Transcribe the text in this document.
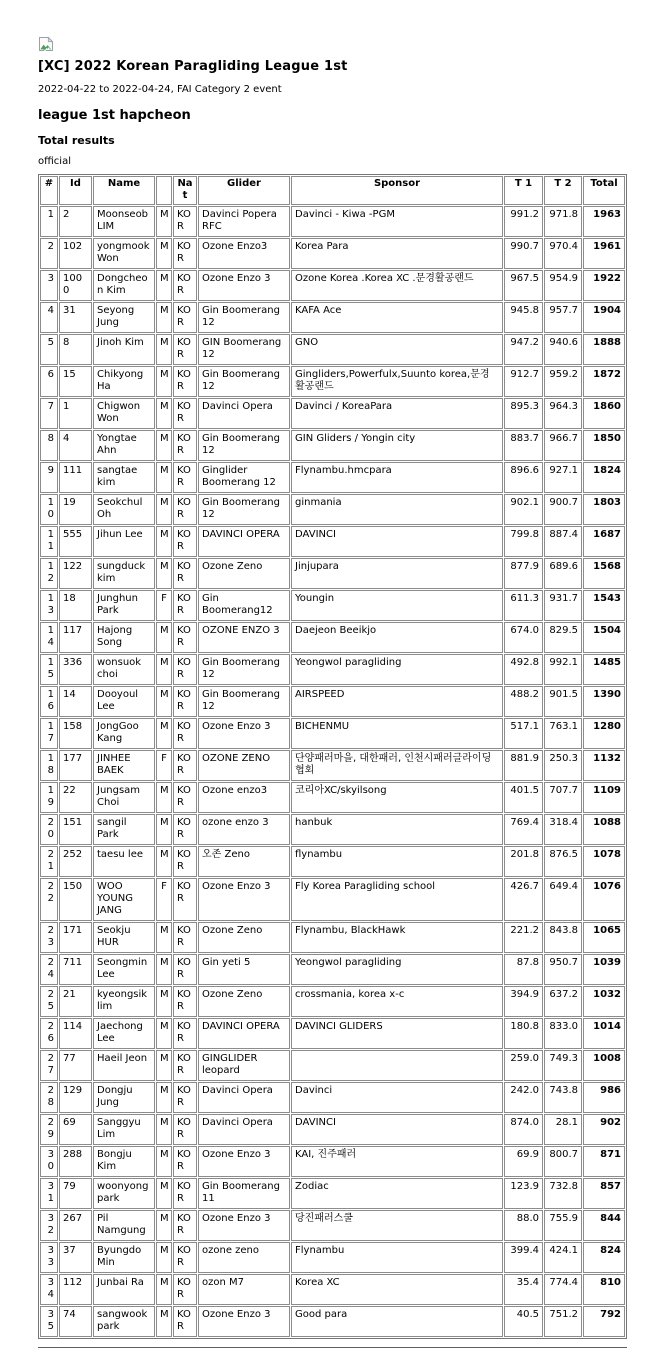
[XC] 2022 Korean Paragliding League 1st
2022-04-22 to 2022-04-24, FAI Category 2 event
league 1st hapcheon
Total results
official
#	Id	Name		Nat	Glider	Sponsor	T 1	T 2	Total
1	2	Moonseob LIM	M	KOR	Davinci Popera RFC	Davinci - Kiwa -PGM	991.2	971.8	1963
2	102	yongmook Won	M	KOR	Ozone Enzo3	Korea Para	990.7	970.4	1961
3	1000	Dongcheon Kim	M	KOR	Ozone Enzo 3	Ozone Korea .Korea XC .문경활공랜드	967.5	954.9	1922
4	31	Seyong Jung	M	KOR	Gin Boomerang 12	KAFA Ace	945.8	957.7	1904
5	8	Jinoh Kim	M	KOR	GIN Boomerang 12	GNO	947.2	940.6	1888
6	15	Chikyong Ha	M	KOR	Gin Boomerang 12	Gingliders,Powerfulx,Suunto korea,문경활공랜드	912.7	959.2	1872
7	1	Chigwon Won	M	KOR	Davinci Opera	Davinci / KoreaPara	895.3	964.3	1860
8	4	Yongtae Ahn	M	KOR	Gin Boomerang 12	GIN Gliders / Yongin city	883.7	966.7	1850
9	111	sangtae kim	M	KOR	Ginglider Boomerang 12	Flynambu.hmcpara	896.6	927.1	1824
10	19	Seokchul Oh	M	KOR	Gin Boomerang 12	ginmania	902.1	900.7	1803
11	555	Jihun Lee	M	KOR	DAVINCI OPERA	DAVINCI	799.8	887.4	1687
12	122	sungduck kim	M	KOR	Ozone Zeno	Jinjupara	877.9	689.6	1568
13	18	Junghun Park	F	KOR	Gin Boomerang12	Youngin	611.3	931.7	1543
14	117	Hajong Song	M	KOR	OZONE ENZO 3	Daejeon Beeikjo	674.0	829.5	1504
15	336	wonsuok choi	M	KOR	Gin Boomerang 12	Yeongwol paragliding	492.8	992.1	1485
16	14	Dooyoul Lee	M	KOR	Gin Boomerang 12	AIRSPEED	488.2	901.5	1390
17	158	JongGoo Kang	M	KOR	Ozone Enzo 3	BICHENMU	517.1	763.1	1280
18	177	JINHEE BAEK	F	KOR	OZONE ZENO	단양패러마을, 대한패러, 인천시패러글라이딩협회	881.9	250.3	1132
19	22	Jungsam Choi	M	KOR	Ozone enzo3	코리아XC/skyilsong	401.5	707.7	1109
20	151	sangil Park	M	KOR	ozone enzo 3	hanbuk	769.4	318.4	1088
21	252	taesu lee	M	KOR	오존 Zeno	flynambu	201.8	876.5	1078
22	150	WOO YOUNG JANG	F	KOR	Ozone Enzo 3	Fly Korea Paragliding school	426.7	649.4	1076
23	171	Seokju HUR	M	KOR	Ozone Zeno	Flynambu, BlackHawk	221.2	843.8	1065
24	711	Seongmin Lee	M	KOR	Gin yeti 5	Yeongwol paragliding	87.8	950.7	1039
25	21	kyeongsik lim	M	KOR	Ozone Zeno	crossmania, korea x-c	394.9	637.2	1032
26	114	Jaechong Lee	M	KOR	DAVINCI OPERA	DAVINCI GLIDERS	180.8	833.0	1014
27	77	Haeil Jeon	M	KOR	GINGLIDER leopard		259.0	749.3	1008
28	129	Dongju Jung	M	KOR	Davinci Opera	Davinci	242.0	743.8	986
29	69	Sanggyu Lim	M	KOR	Davinci Opera	DAVINCI	874.0	28.1	902
30	288	Bongju Kim	M	KOR	Ozone Enzo 3	KAI, 진주패러	69.9	800.7	871
31	79	woonyong park	M	KOR	Gin Boomerang 11	Zodiac	123.9	732.8	857
32	267	Pil Namgung	M	KOR	Ozone Enzo 3	당진패러스쿨	88.0	755.9	844
33	37	Byungdo Min	M	KOR	ozone zeno	Flynambu	399.4	424.1	824
34	112	Junbai Ra	M	KOR	ozon M7	Korea XC	35.4	774.4	810
35	74	sangwook park	M	KOR	Ozone Enzo 3	Good para	40.5	751.2	792
